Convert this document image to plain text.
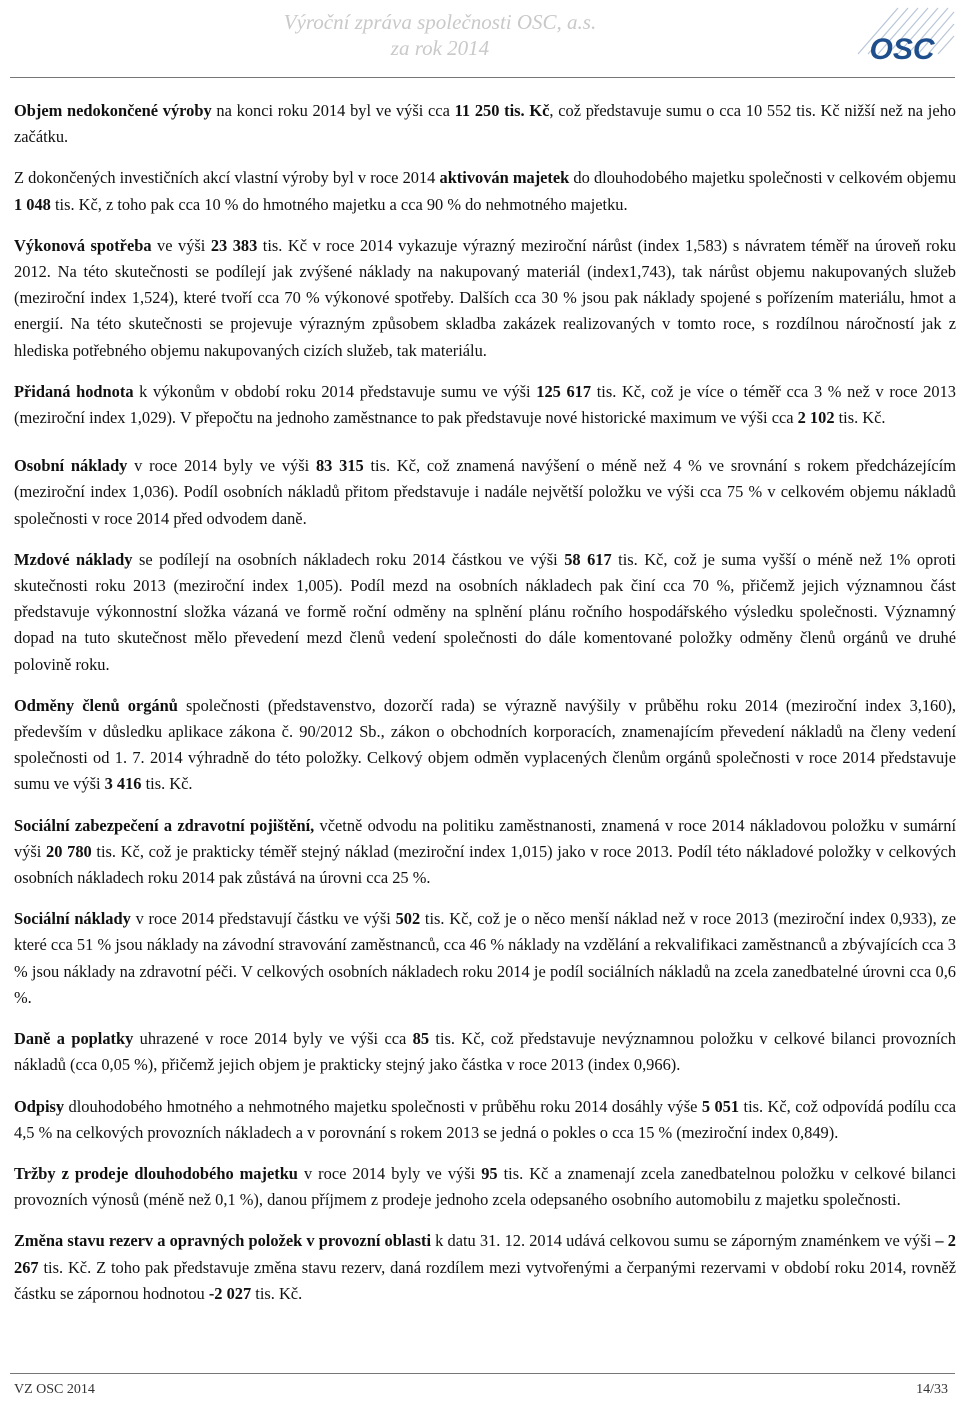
Výroční zpráva společnosti OSC, a.s.
za rok 2014	OSC

Objem nedokončené výroby na konci roku 2014 byl ve výši cca 11 250 tis. Kč, což představuje sumu o cca 10 552 tis. Kč nižší než na jeho začátku.

Z dokončených investičních akcí vlastní výroby byl v roce 2014 aktivován majetek do dlouhodobého majetku společnosti v celkovém objemu 1 048 tis. Kč, z toho pak cca 10 % do hmotného majetku a cca 90 % do nehmotného majetku.

Výkonová spotřeba ve výši 23 383 tis. Kč v roce 2014 vykazuje výrazný meziroční nárůst (index 1,583) s návratem téměř na úroveň roku 2012. Na této skutečnosti se podílejí jak zvýšené náklady na nakupovaný materiál (index1,743), tak nárůst objemu nakupovaných služeb (meziroční index 1,524), které tvoří cca 70 % výkonové spotřeby. Dalších cca 30 % jsou pak náklady spojené s pořízením materiálu, hmot a energií. Na této skutečnosti se projevuje výrazným způsobem skladba zakázek realizovaných v tomto roce, s rozdílnou náročností jak z hlediska potřebného objemu nakupovaných cizích služeb, tak materiálu.

Přidaná hodnota k výkonům v období roku 2014 představuje sumu ve výši 125 617 tis. Kč, což je více o téměř cca 3 % než v roce 2013 (meziroční index 1,029). V přepočtu na jednoho zaměstnance to pak představuje nové historické maximum ve výši cca 2 102 tis. Kč.

Osobní náklady v roce 2014 byly ve výši 83 315 tis. Kč, což znamená navýšení o méně než 4 % ve srovnání s rokem předcházejícím (meziroční index 1,036). Podíl osobních nákladů přitom představuje i nadále největší položku ve výši cca 75 % v celkovém objemu nákladů společnosti v roce 2014 před odvodem daně.

Mzdové náklady se podílejí na osobních nákladech roku 2014 částkou ve výši 58 617 tis. Kč, což je suma vyšší o méně než 1% oproti skutečnosti roku 2013 (meziroční index 1,005). Podíl mezd na osobních nákladech pak činí cca 70 %, přičemž jejich významnou část představuje výkonnostní složka vázaná ve formě roční odměny na splnění plánu ročního hospodářského výsledku společnosti. Významný dopad na tuto skutečnost mělo převedení mezd členů vedení společnosti do dále komentované položky odměny členů orgánů ve druhé polovině roku.

Odměny členů orgánů společnosti (představenstvo, dozorčí rada) se výrazně navýšily v průběhu roku 2014 (meziroční index 3,160), především v důsledku aplikace zákona č. 90/2012 Sb., zákon o obchodních korporacích, znamenajícím převedení nákladů na členy vedení společnosti od 1. 7. 2014 výhradně do této položky. Celkový objem odměn vyplacených členům orgánů společnosti v roce 2014 představuje sumu ve výši 3 416 tis. Kč.

Sociální zabezpečení a zdravotní pojištění, včetně odvodu na politiku zaměstnanosti, znamená v roce 2014 nákladovou položku v sumární výši 20 780 tis. Kč, což je prakticky téměř stejný náklad (meziroční index 1,015) jako v roce 2013. Podíl této nákladové položky v celkových osobních nákladech roku 2014 pak zůstává na úrovni cca 25 %.

Sociální náklady v roce 2014 představují částku ve výši 502 tis. Kč, což je o něco menší náklad než v roce 2013 (meziroční index 0,933), ze které cca 51 % jsou náklady na závodní stravování zaměstnanců, cca 46 % náklady na vzdělání a rekvalifikaci zaměstnanců a zbývajících cca 3 % jsou náklady na zdravotní péči. V celkových osobních nákladech roku 2014 je podíl sociálních nákladů na zcela zanedbatelné úrovni cca 0,6 %.

Daně a poplatky uhrazené v roce 2014 byly ve výši cca 85 tis. Kč, což představuje nevýznamnou položku v celkové bilanci provozních nákladů (cca 0,05 %), přičemž jejich objem je prakticky stejný jako částka v roce 2013 (index 0,966).

Odpisy dlouhodobého hmotného a nehmotného majetku společnosti v průběhu roku 2014 dosáhly výše 5 051 tis. Kč, což odpovídá podílu cca 4,5 % na celkových provozních nákladech a v porovnání s rokem 2013 se jedná o pokles o cca 15 % (meziroční index 0,849).

Tržby z prodeje dlouhodobého majetku v roce 2014 byly ve výši 95 tis. Kč a znamenají zcela zanedbatelnou položku v celkové bilanci provozních výnosů (méně než 0,1 %), danou příjmem z prodeje jednoho zcela odepsaného osobního automobilu z majetku společnosti.

Změna stavu rezerv a opravných položek v provozní oblasti k datu 31. 12. 2014 udává celkovou sumu se záporným znaménkem ve výši – 2 267 tis. Kč. Z toho pak představuje změna stavu rezerv, daná rozdílem mezi vytvořenými a čerpanými rezervami v období roku 2014, rovněž částku se zápornou hodnotou -2 027 tis. Kč.

VZ OSC 2014	14/33
